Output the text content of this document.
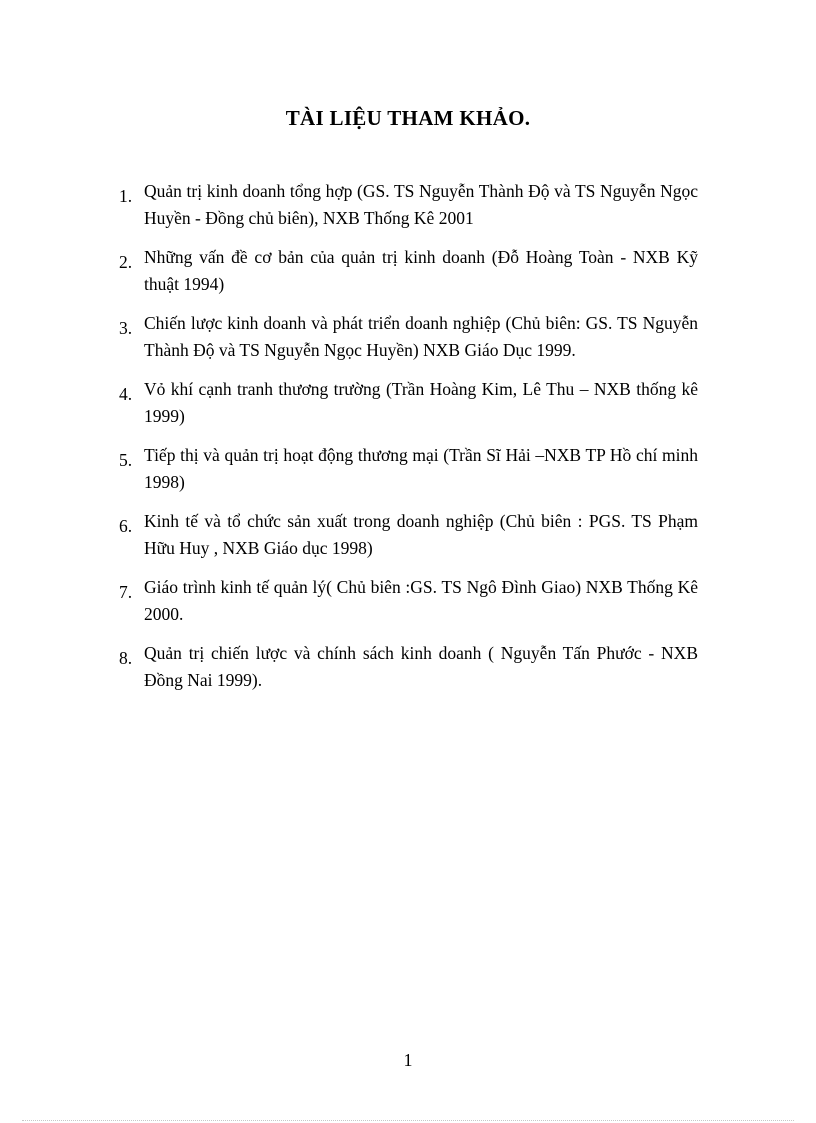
TÀI LIỆU THAM KHẢO.
1. Quản trị kinh doanh tổng hợp (GS. TS Nguyễn Thành Độ và TS Nguyễn Ngọc Huyền - Đồng chủ biên), NXB Thống Kê 2001
2. Những vấn đề cơ bản của quản trị kinh doanh (Đỗ Hoàng Toàn - NXB Kỹ thuật 1994)
3. Chiến lược kinh doanh và phát triển doanh nghiệp (Chủ biên: GS. TS Nguyễn Thành Độ và TS Nguyễn Ngọc Huyền) NXB Giáo Dục 1999.
4. Vỏ khí cạnh tranh thương trường (Trần Hoàng Kim, Lê Thu – NXB thống kê 1999)
5. Tiếp thị và quản trị hoạt động thương mại (Trần Sĩ Hải –NXB TP Hồ chí minh 1998)
6. Kinh tế và tổ chức sản xuất trong doanh nghiệp (Chủ biên : PGS. TS Phạm Hữu Huy , NXB Giáo dục 1998)
7. Giáo trình kinh tế quản lý( Chủ biên :GS. TS Ngô Đình Giao) NXB Thống Kê 2000.
8. Quản trị chiến lược và chính sách kinh doanh ( Nguyễn Tấn Phước - NXB Đồng Nai 1999).
1
